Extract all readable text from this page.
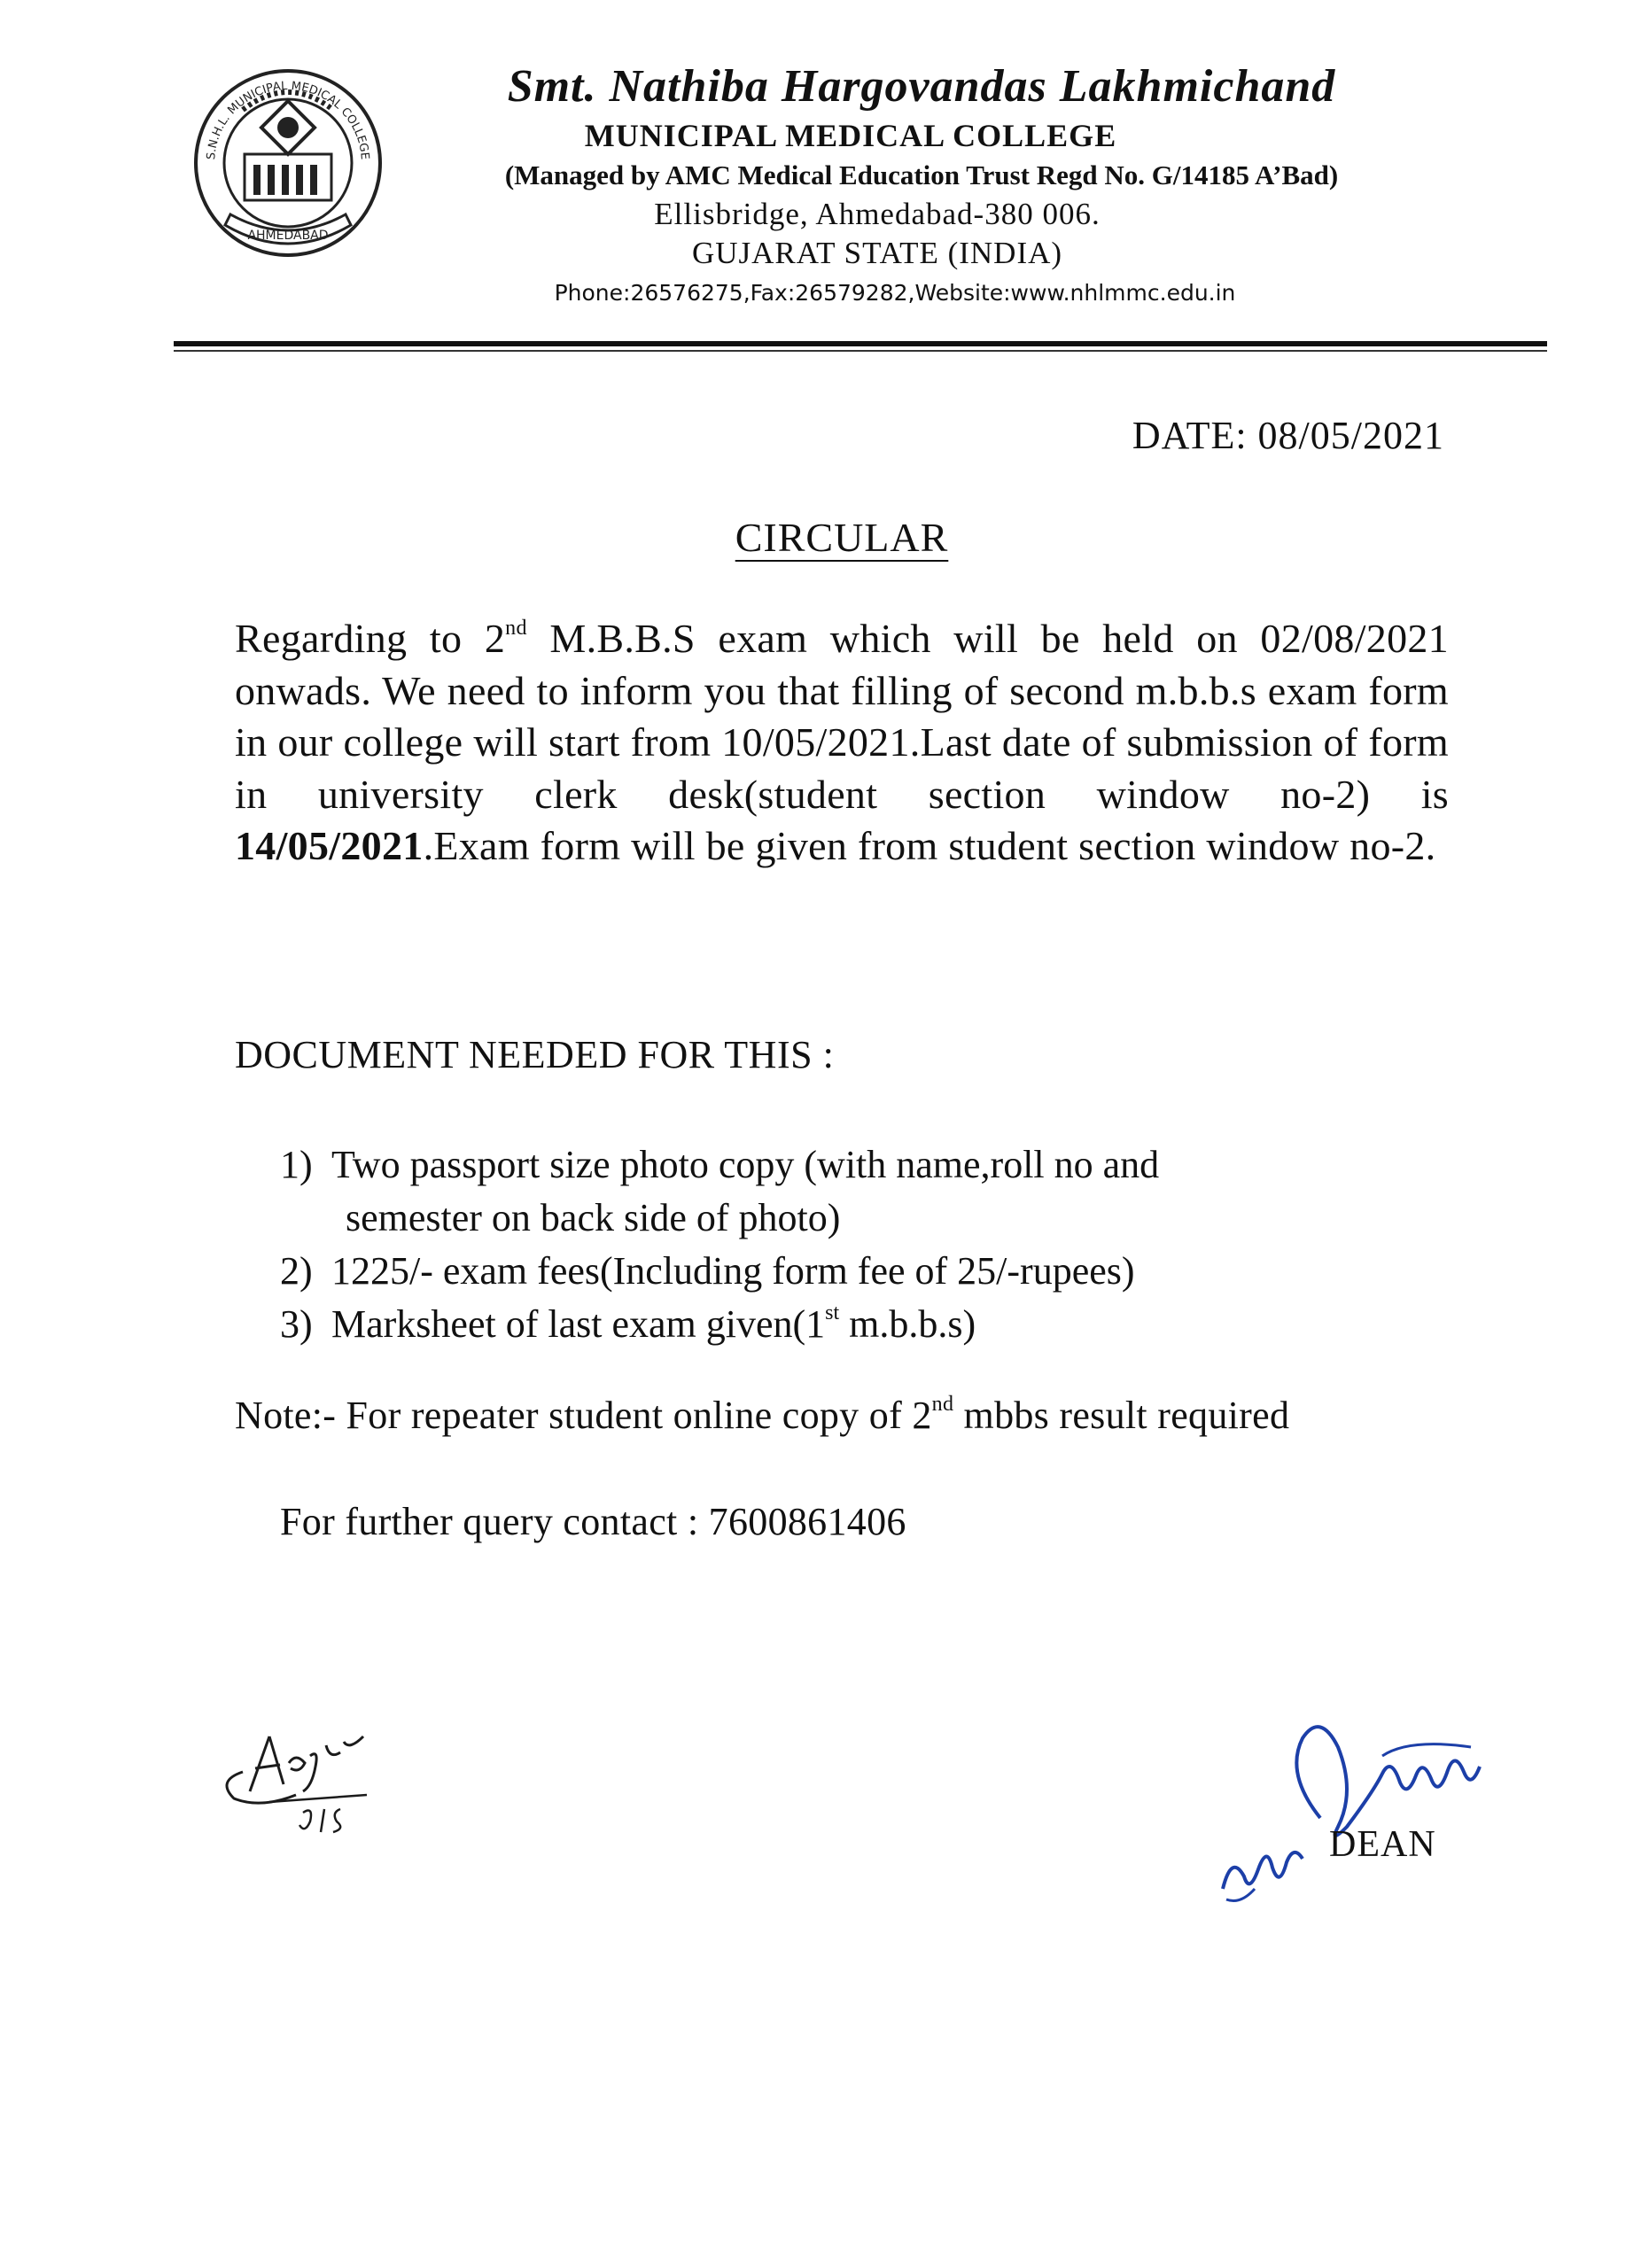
AHMEDABAD
S.N.H.L. MUNICIPAL MEDICAL COLLEGE

Smt. Nathiba Hargovandas Lakhmichand

MUNICIPAL MEDICAL COLLEGE

(Managed by AMC Medical Education Trust Regd No. G/14185 A’Bad)

Ellisbridge, Ahmedabad-380 006.

GUJARAT STATE (INDIA)

Phone:26576275,Fax:26579282,Website:www.nhlmmc.edu.in

DATE: 08/05/2021
CIRCULAR
Regarding to 2nd M.B.B.S exam which will be held on 02/08/2021 onwads. We need to inform you that filling of second m.b.b.s exam form in our college will start from 10/05/2021.Last date of submission of form in university clerk desk(student section window no-2) is 14/05/2021.Exam form will be given from student section window no-2.
DOCUMENT NEEDED FOR THIS :
1) Two passport size photo copy (with name,roll no and
semester on back side of photo)
2) 1225/- exam fees(Including form fee of 25/-rupees)
3) Marksheet of last exam given(1st m.b.b.s)
Note:- For repeater student online copy of 2nd mbbs result required
For further query contact : 7600861406
DEAN
